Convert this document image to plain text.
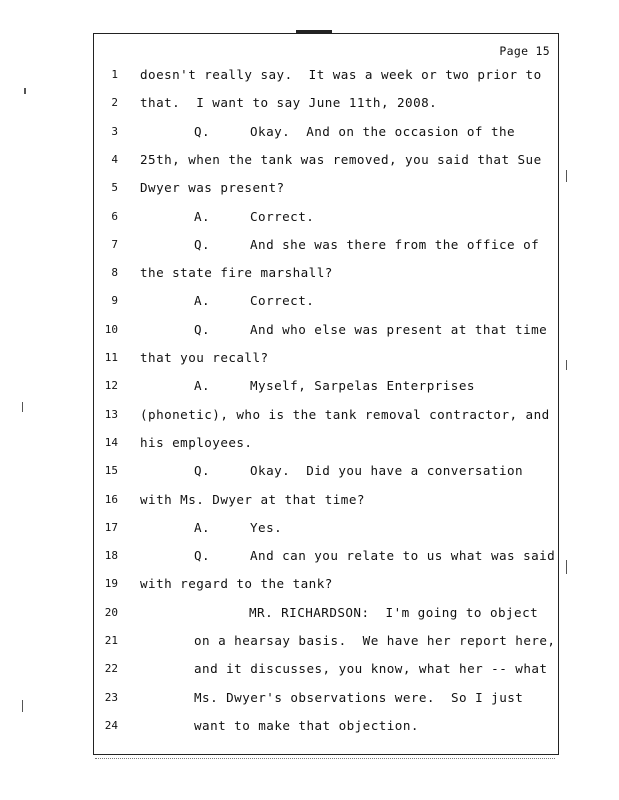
Page 15
1 doesn't really say.  It was a week or two prior to
2 that.  I want to say June 11th, 2008.
3	Q.	Okay.  And on the occasion of the
4 25th, when the tank was removed, you said that Sue
5 Dwyer was present?
6	A.	Correct.
7	Q.	And she was there from the office of
8 the state fire marshall?
9	A.	Correct.
10	Q.	And who else was present at that time
11 that you recall?
12	A.	Myself, Sarpelas Enterprises
13 (phonetic), who is the tank removal contractor, and
14 his employees.
15	Q.	Okay.  Did you have a conversation
16 with Ms. Dwyer at that time?
17	A.	Yes.
18	Q.	And can you relate to us what was said
19 with regard to the tank?
20	MR. RICHARDSON:  I'm going to object
21	on a hearsay basis.  We have her report here,
22	and it discusses, you know, what her -- what
23	Ms. Dwyer's observations were.  So I just
24	want to make that objection.
